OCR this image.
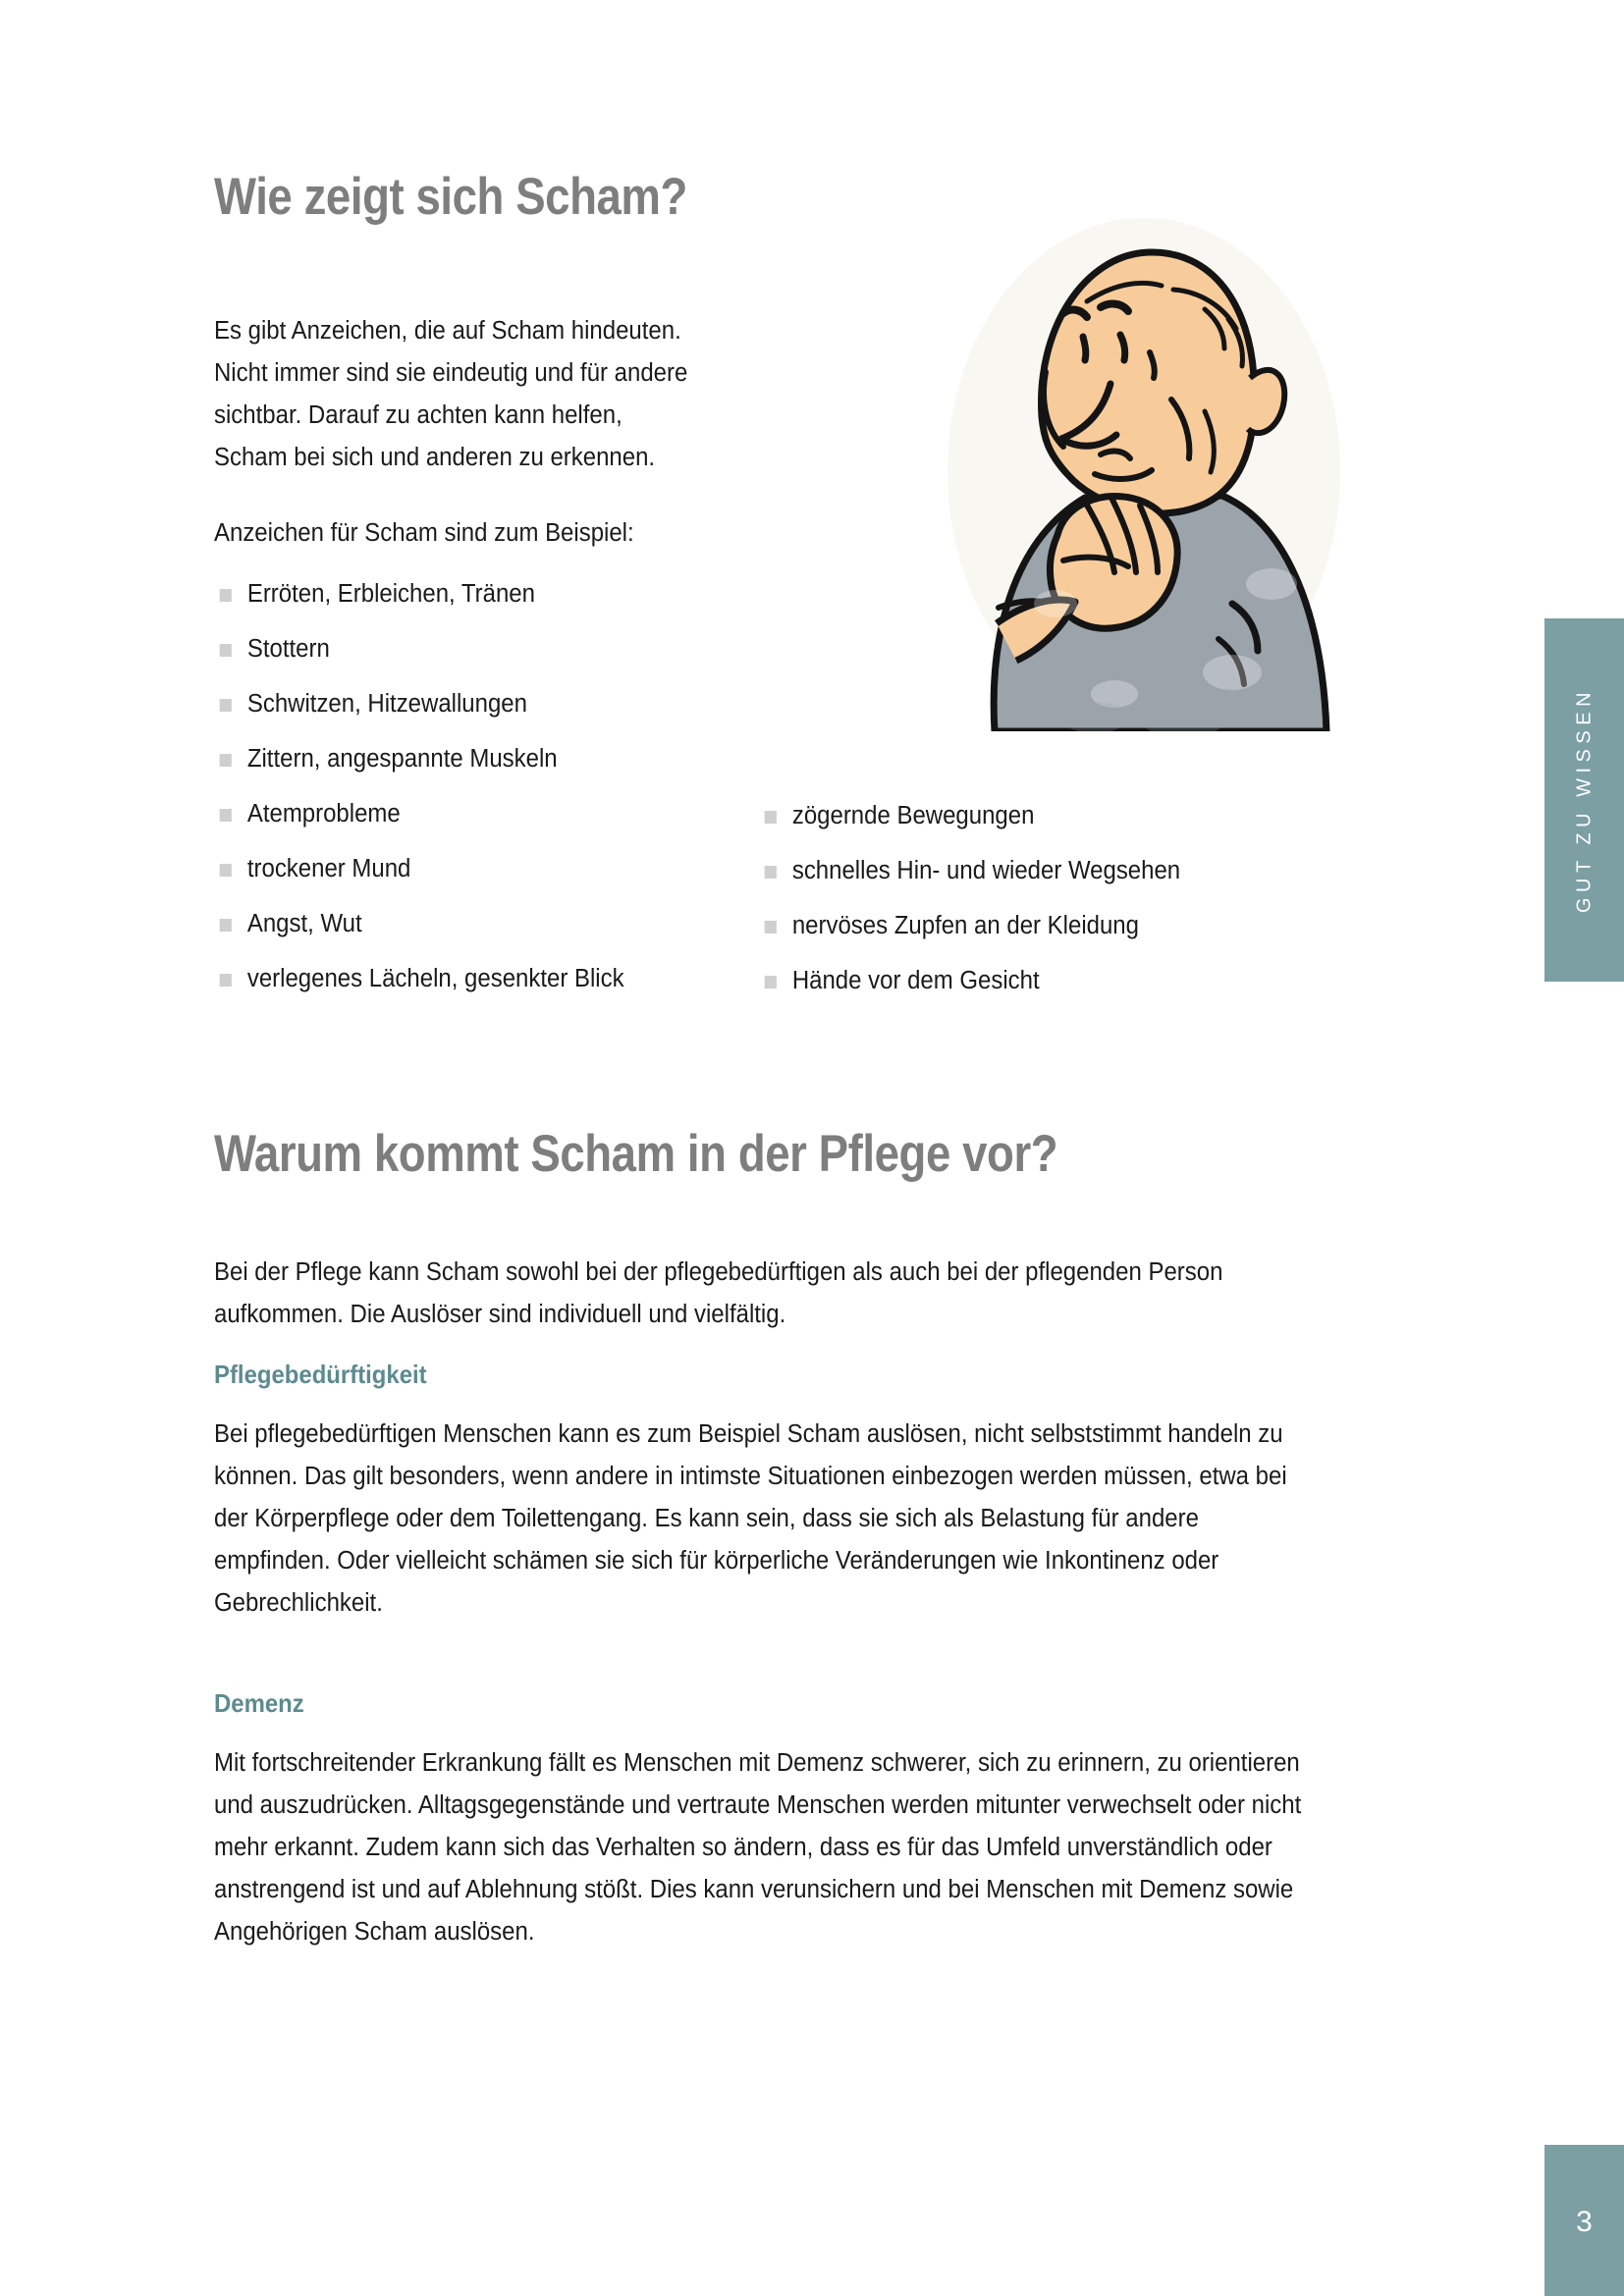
GUT ZU WISSEN
3
Wie zeigt sich Scham?

Es gibt Anzeichen, die auf Scham hindeuten. Nicht immer sind sie eindeutig und für andere sichtbar. Darauf zu achten kann helfen, Scham bei sich und anderen zu erkennen.

Anzeichen für Scham sind zum Beispiel:

Erröten, Erbleichen, Tränen
Stottern
Schwitzen, Hitzewallungen
Zittern, angespannte Muskeln
Atemprobleme
trockener Mund
Angst, Wut
verlegenes Lächeln, gesenkter Blick
zögernde Bewegungen
schnelles Hin- und wieder Wegsehen
nervöses Zupfen an der Kleidung
Hände vor dem Gesicht
Warum kommt Scham in der Pflege vor?

Bei der Pflege kann Scham sowohl bei der pflegebedürftigen als auch bei der pflegenden Person aufkommen. Die Auslöser sind individuell und vielfältig.

Pflegebedürftigkeit

Bei pflegebedürftigen Menschen kann es zum Beispiel Scham auslösen, nicht selbststimmt handeln zu können. Das gilt besonders, wenn andere in intimste Situationen einbezogen werden müssen, etwa bei der Körperpflege oder dem Toilettengang. Es kann sein, dass sie sich als Belastung für andere empfinden. Oder vielleicht schämen sie sich für körperliche Veränderungen wie Inkontinenz oder Gebrechlichkeit.

Demenz

Mit fortschreitender Erkrankung fällt es Menschen mit Demenz schwerer, sich zu erinnern, zu orientieren und auszudrücken. Alltagsgegenstände und vertraute Menschen werden mitunter verwechselt oder nicht mehr erkannt. Zudem kann sich das Verhalten so ändern, dass es für das Umfeld unverständlich oder anstrengend ist und auf Ablehnung stößt. Dies kann verunsichern und bei Menschen mit Demenz sowie Angehörigen Scham auslösen.
